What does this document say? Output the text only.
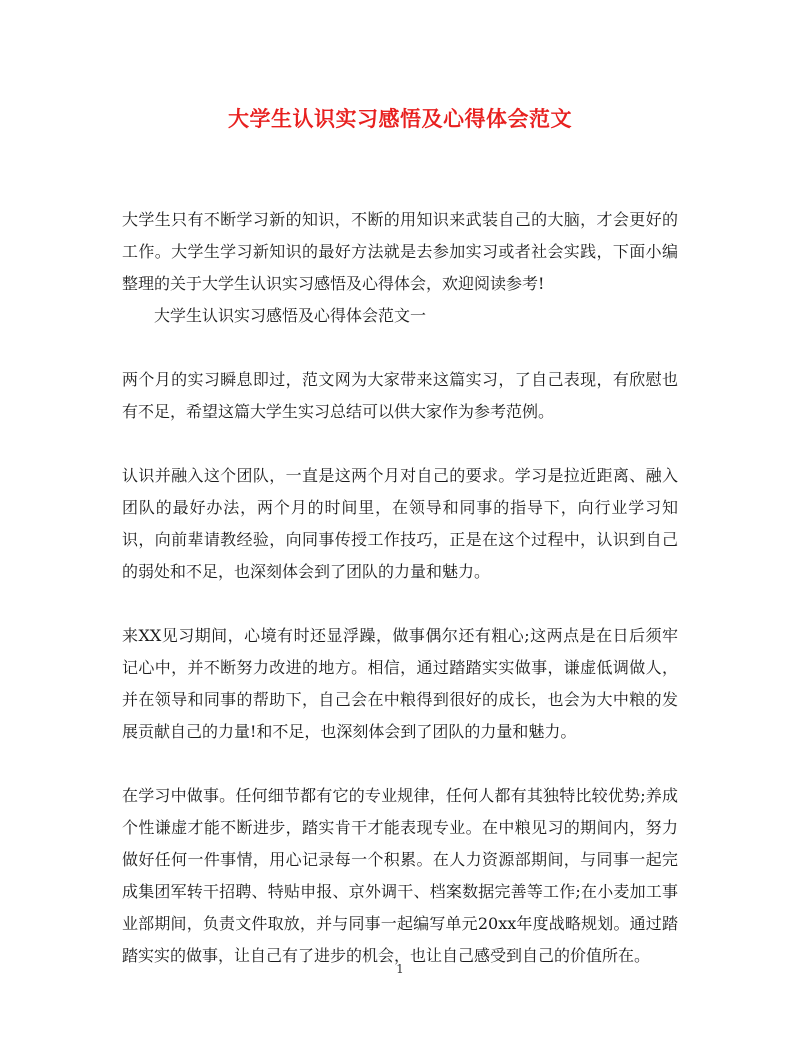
大学生认识实习感悟及心得体会范文

大学生只有不断学习新的知识，不断的用知识来武装自己的大脑，才会更好的工作。大学生学习新知识的最好方法就是去参加实习或者社会实践，下面小编整理的关于大学生认识实习感悟及心得体会，欢迎阅读参考!

大学生认识实习感悟及心得体会范文一

两个月的实习瞬息即过，范文网为大家带来这篇实习，了自己表现，有欣慰也有不足，希望这篇大学生实习总结可以供大家作为参考范例。

认识并融入这个团队，一直是这两个月对自己的要求。学习是拉近距离、融入团队的最好办法，两个月的时间里，在领导和同事的指导下，向行业学习知识，向前辈请教经验，向同事传授工作技巧，正是在这个过程中，认识到自己的弱处和不足，也深刻体会到了团队的力量和魅力。

来XX见习期间，心境有时还显浮躁，做事偶尔还有粗心;这两点是在日后须牢记心中，并不断努力改进的地方。相信，通过踏踏实实做事，谦虚低调做人，并在领导和同事的帮助下，自己会在中粮得到很好的成长，也会为大中粮的发展贡献自己的力量!和不足，也深刻体会到了团队的力量和魅力。

在学习中做事。任何细节都有它的专业规律，任何人都有其独特比较优势;养成个性谦虚才能不断进步，踏实肯干才能表现专业。在中粮见习的期间内，努力做好任何一件事情，用心记录每一个积累。在人力资源部期间，与同事一起完成集团军转干招聘、特贴申报、京外调干、档案数据完善等工作;在小麦加工事业部期间，负责文件取放，并与同事一起编写单元20xx年度战略规划。通过踏踏实实的做事，让自己有了进步的机会，也让自己感受到自己的价值所在。

1
